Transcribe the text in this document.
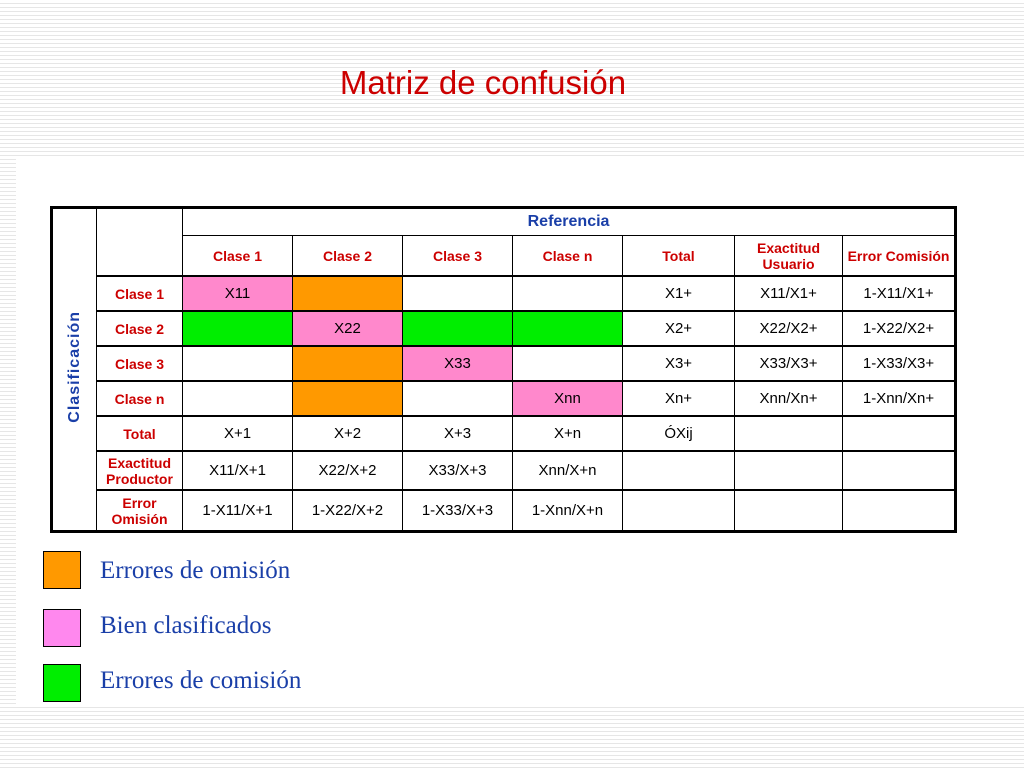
Matriz de confusión
Clasificación		Referencia						
		Clase 1	Clase 2	Clase 3	Clase n	Total	Exactitud Usuario	Error Comisión
	Clase 1	X11				X1+	X11/X1+	1-X11/X1+
	Clase 2		X22			X2+	X22/X2+	1-X22/X2+
	Clase 3			X33		X3+	X33/X3+	1-X33/X3+
	Clase n				Xnn	Xn+	Xnn/Xn+	1-Xnn/Xn+
	Total	X+1	X+2	X+3	X+n	ÓXij		
	Exactitud Productor	X11/X+1	X22/X+2	X33/X+3	Xnn/X+n			
	Error Omisión	1-X11/X+1	1-X22/X+2	1-X33/X+3	1-Xnn/X+n			
Errores de omisión
Bien clasificados
Errores de comisión
